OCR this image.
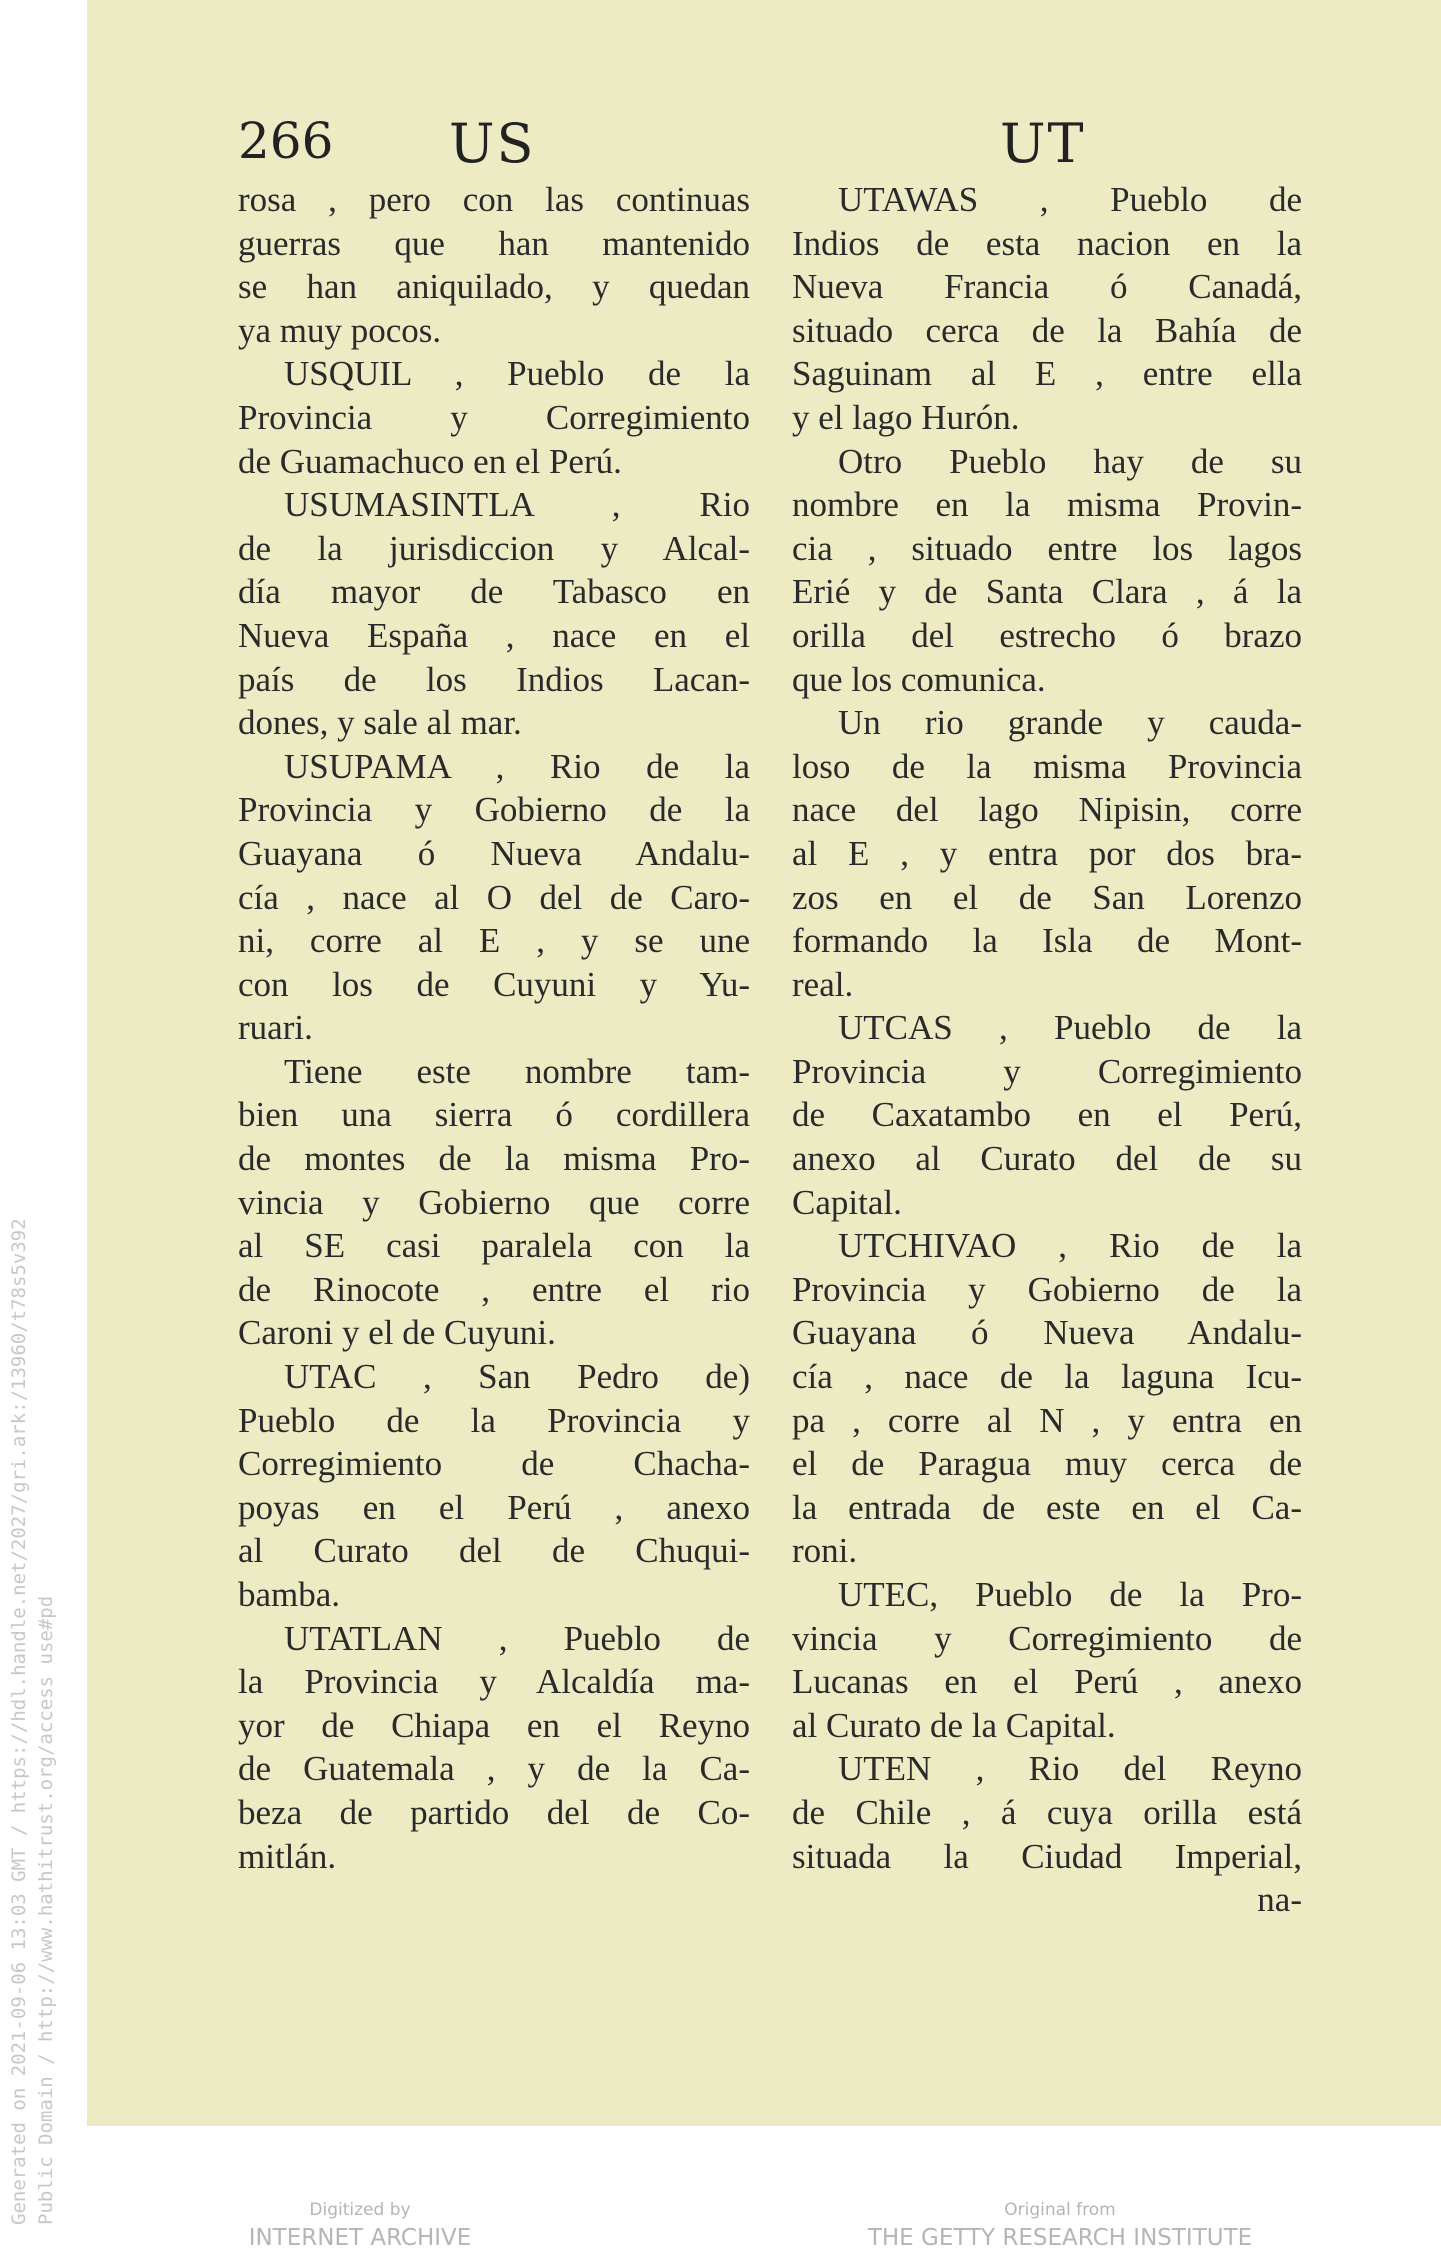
Generated on 2021-09-06 13:03 GMT / https://hdl.handle.net/2027/gri.ark:/13960/t78s5v392 Public Domain / http://www.hathitrust.org/access use#pd
266 US	UT
rosa , pero con las continuas
guerras que han mantenido
se han aniquilado, y quedan
ya muy pocos.
USQUIL , Pueblo de la
Provincia y Corregimiento
de Guamachuco en el Perú.
USUMASINTLA , Rio
de la jurisdiccion y Alcal-
día mayor de Tabasco en
Nueva España , nace en el
país de los Indios Lacan-
dones, y sale al mar.
USUPAMA , Rio de la
Provincia y Gobierno de la
Guayana ó Nueva Andalu-
cía , nace al O del de Caro-
ni, corre al E , y se une
con los de Cuyuni y Yu-
ruari.
Tiene este nombre tam-
bien una sierra ó cordillera
de montes de la misma Pro-
vincia y Gobierno que corre
al SE casi paralela con la
de Rinocote , entre el rio
Caroni y el de Cuyuni.
UTAC , San Pedro de)
Pueblo de la Provincia y
Corregimiento de Chacha-
poyas en el Perú , anexo
al Curato del de Chuqui-
bamba.
UTATLAN , Pueblo de
la Provincia y Alcaldía ma-
yor de Chiapa en el Reyno
de Guatemala , y de la Ca-
beza de partido del de Co-
mitlán.
UTAWAS , Pueblo de
Indios de esta nacion en la
Nueva Francia ó Canadá,
situado cerca de la Bahía de
Saguinam al E , entre ella
y el lago Hurón.
Otro Pueblo hay de su
nombre en la misma Provin-
cia , situado entre los lagos
Erié y de Santa Clara , á la
orilla del estrecho ó brazo
que los comunica.
Un rio grande y cauda-
loso de la misma Provincia
nace del lago Nipisin, corre
al E , y entra por dos bra-
zos en el de San Lorenzo
formando la Isla de Mont-
real.
UTCAS , Pueblo de la
Provincia y Corregimiento
de Caxatambo en el Perú,
anexo al Curato del de su
Capital.
UTCHIVAO , Rio de la
Provincia y Gobierno de la
Guayana ó Nueva Andalu-
cía , nace de la laguna Icu-
pa , corre al N , y entra en
el de Paragua muy cerca de
la entrada de este en el Ca-
roni.
UTEC, Pueblo de la Pro-
vincia y Corregimiento de
Lucanas en el Perú , anexo
al Curato de la Capital.
UTEN , Rio del Reyno
de Chile , á cuya orilla está
situada la Ciudad Imperial,
na-
Digitized by
INTERNET ARCHIVE
Original from
THE GETTY RESEARCH INSTITUTE
